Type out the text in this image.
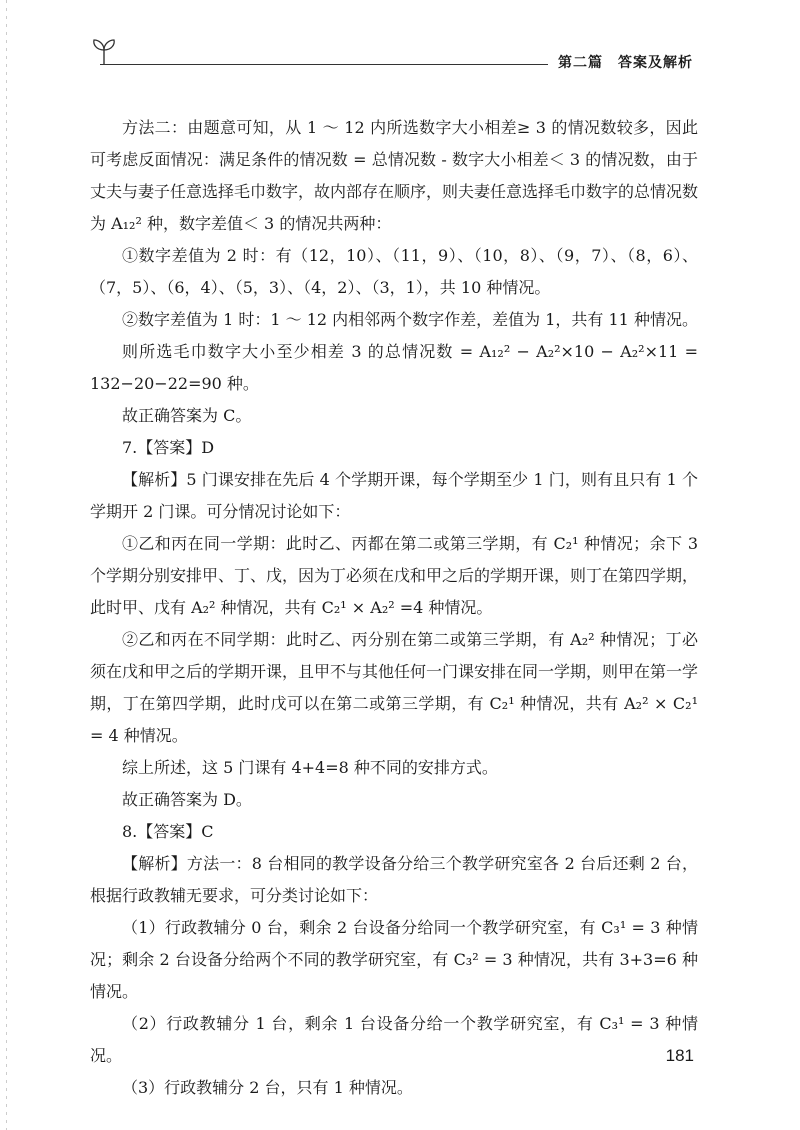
第二篇　答案及解析

方法二：由题意可知，从 1 ～ 12 内所选数字大小相差≥ 3 的情况数较多，因此可考虑反面情况：满足条件的情况数 = 总情况数 - 数字大小相差＜ 3 的情况数，由于丈夫与妻子任意选择毛巾数字，故内部存在顺序，则夫妻任意选择毛巾数字的总情况数为 A₁₂² 种，数字差值＜ 3 的情况共两种：

①数字差值为 2 时：有（12，10）、（11，9）、（10，8）、（9，7）、（8，6）、（7，5）、（6，4）、（5，3）、（4，2）、（3，1），共 10 种情况。

②数字差值为 1 时：1 ～ 12 内相邻两个数字作差，差值为 1，共有 11 种情况。

则所选毛巾数字大小至少相差 3 的总情况数 = A₁₂² − A₂²×10 − A₂²×11 = 132−20−22=90 种。

故正确答案为 C。

7.【答案】D

【解析】5 门课安排在先后 4 个学期开课，每个学期至少 1 门，则有且只有 1 个学期开 2 门课。可分情况讨论如下：

①乙和丙在同一学期：此时乙、丙都在第二或第三学期，有 C₂¹ 种情况；余下 3 个学期分别安排甲、丁、戊，因为丁必须在戊和甲之后的学期开课，则丁在第四学期，此时甲、戊有 A₂² 种情况，共有 C₂¹ × A₂² =4 种情况。

②乙和丙在不同学期：此时乙、丙分别在第二或第三学期，有 A₂² 种情况；丁必须在戊和甲之后的学期开课，且甲不与其他任何一门课安排在同一学期，则甲在第一学期，丁在第四学期，此时戊可以在第二或第三学期，有 C₂¹ 种情况，共有 A₂² × C₂¹ = 4 种情况。

综上所述，这 5 门课有 4+4=8 种不同的安排方式。

故正确答案为 D。

8.【答案】C

【解析】方法一：8 台相同的教学设备分给三个教学研究室各 2 台后还剩 2 台，根据行政教辅无要求，可分类讨论如下：

（1）行政教辅分 0 台，剩余 2 台设备分给同一个教学研究室，有 C₃¹ = 3 种情况；剩余 2 台设备分给两个不同的教学研究室，有 C₃² = 3 种情况，共有 3+3=6 种情况。

（2）行政教辅分 1 台，剩余 1 台设备分给一个教学研究室，有 C₃¹ = 3 种情况。

（3）行政教辅分 2 台，只有 1 种情况。

181
